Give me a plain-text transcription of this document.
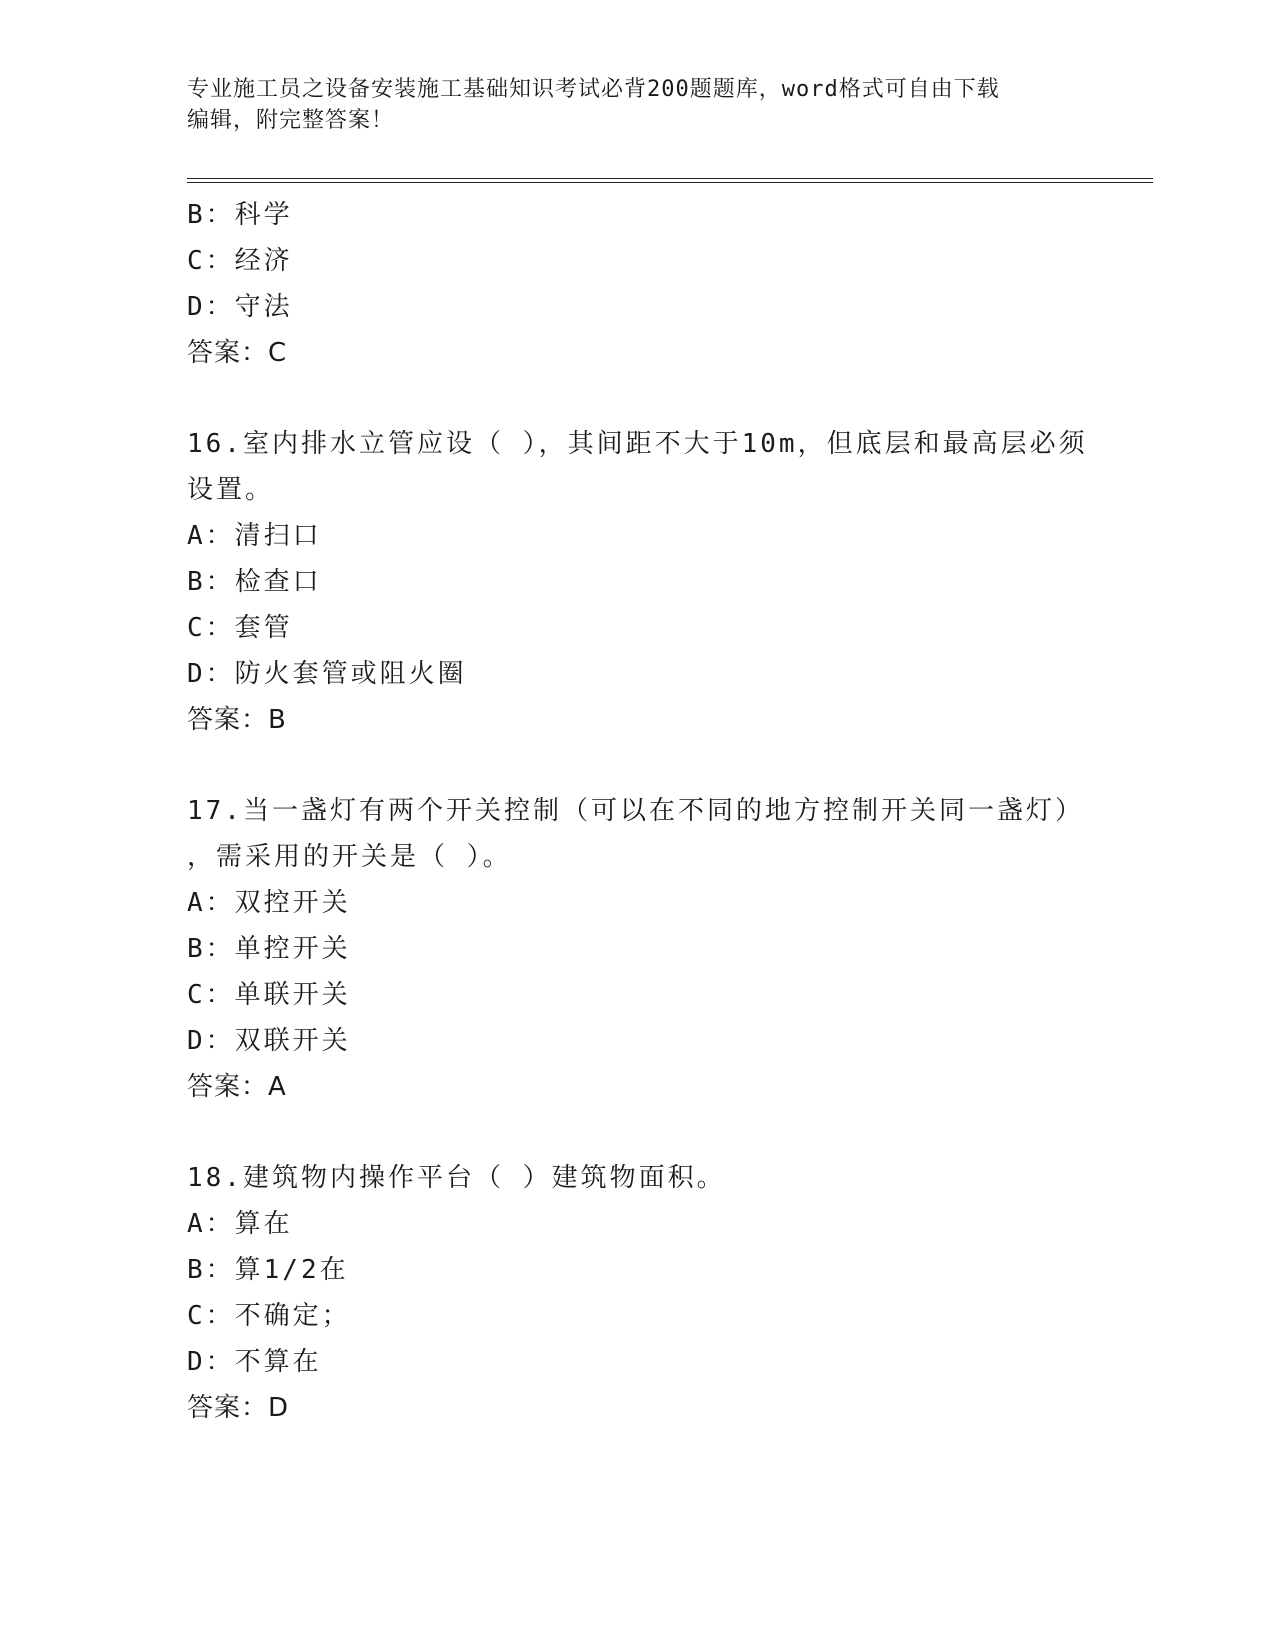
专业施工员之设备安装施工基础知识考试必背200题题库，word格式可自由下载
编辑，附完整答案！
B：科学
C：经济
D：守法
答案：C
16.室内排水立管应设（ ），其间距不大于10m，但底层和最高层必须
设置。
A：清扫口
B：检查口
C：套管
D：防火套管或阻火圈
答案：B
17.当一盏灯有两个开关控制（可以在不同的地方控制开关同一盏灯）
，需采用的开关是（ ）。
A：双控开关
B：单控开关
C：单联开关
D：双联开关
答案：A
18.建筑物内操作平台（ ）建筑物面积。
A：算在
B：算1/2在
C：不确定；
D：不算在
答案：D
